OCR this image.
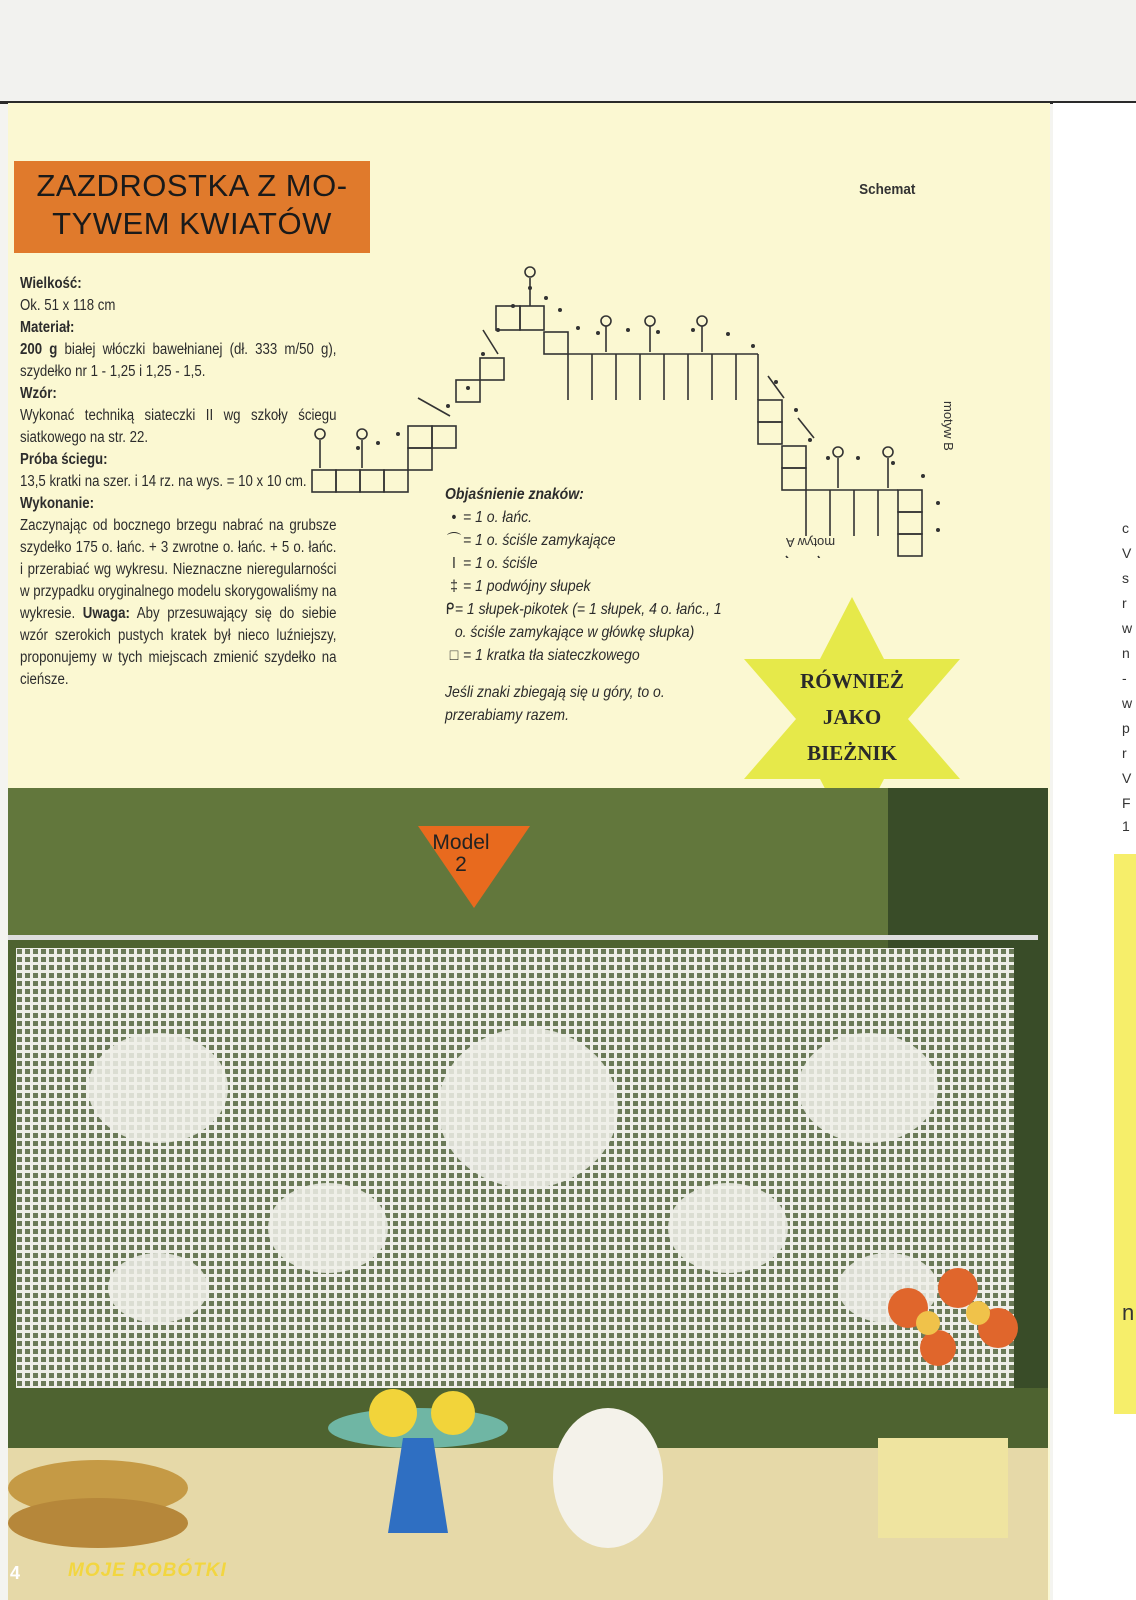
ZAZDROSTKA Z MO-
TYWEM KWIATÓW

Wielkość:

Ok. 51 x 118 cm

Materiał:

200 g białej włóczki bawełnianej (dł. 333 m/50 g), szydełko nr 1 - 1,25 i 1,25 - 1,5.

Wzór:

Wykonać techniką siateczki II wg szkoły ściegu siatkowego na str. 22.

Próba ściegu:

13,5 kratki na szer. i 14 rz. na wys. = 10 x 10 cm.

Wykonanie:

Zaczynając od bocznego brzegu nabrać na grubsze szydełko 175 o. łańc. + 3 zwrotne o. łańc. + 5 o. łańc. i przerabiać wg wykresu. Nieznaczne nieregularności w przypadku oryginalnego modelu skorygowaliśmy na wykresie. Uwaga: Aby przesuwający się do siebie wzór szerokich pustych kratek był nieco luźniejszy, proponujemy w tych miejscach zmienić szydełko na cieńsze.

Schemat
motyw B
motyw A
Objaśnienie znaków:
• = 1 o. łańc.
⌒ = 1 o. ściśle zamykające
I = 1 o. ściśle
‡ = 1 podwójny słupek
ᑭ = 1 słupek-pikotek (= 1 słupek, 4 o. łańc., 1 o. ściśle zamykające w główkę słupka)
□ = 1 kratka tła siateczkowego
Jeśli znaki zbiegają się u góry, to o. przerabiamy razem.
RÓWNIEŻ
JAKO
BIEŻNIK
Model
2
4	MOJE ROBÓTKI
c
V
s
r
w
n
-
w
p
r
V
F
1
n
